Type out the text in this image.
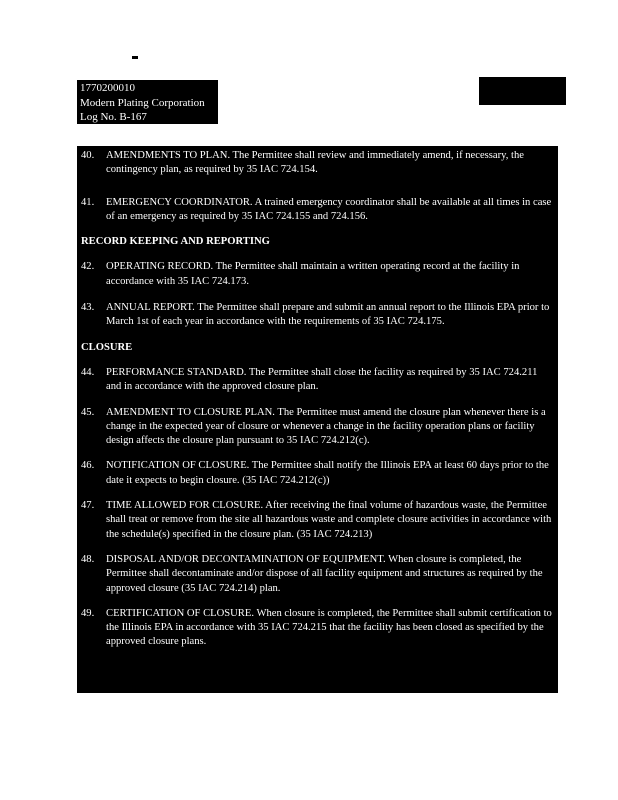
1770200010
Modern Plating Corporation
Log No. B-167

40. AMENDMENTS TO PLAN. The Permittee shall review and immediately amend, if necessary, the contingency plan, as required by 35 IAC 724.154.

41. EMERGENCY COORDINATOR. A trained emergency coordinator shall be available at all times in case of an emergency as required by 35 IAC 724.155 and 724.156.

RECORD KEEPING AND REPORTING

42. OPERATING RECORD. The Permittee shall maintain a written operating record at the facility in accordance with 35 IAC 724.173.

43. ANNUAL REPORT. The Permittee shall prepare and submit an annual report to the Illinois EPA prior to March 1st of each year in accordance with the requirements of 35 IAC 724.175.

CLOSURE

44. PERFORMANCE STANDARD. The Permittee shall close the facility as required by 35 IAC 724.211 and in accordance with the approved closure plan.

45. AMENDMENT TO CLOSURE PLAN. The Permittee must amend the closure plan whenever there is a change in the expected year of closure or whenever a change in the facility operation plans or facility design affects the closure plan pursuant to 35 IAC 724.212(c).

46. NOTIFICATION OF CLOSURE. The Permittee shall notify the Illinois EPA at least 60 days prior to the date it expects to begin closure. (35 IAC 724.212(c))

47. TIME ALLOWED FOR CLOSURE. After receiving the final volume of hazardous waste, the Permittee shall treat or remove from the site all hazardous waste and complete closure activities in accordance with the schedule(s) specified in the closure plan. (35 IAC 724.213)

48. DISPOSAL AND/OR DECONTAMINATION OF EQUIPMENT. When closure is completed, the Permittee shall decontaminate and/or dispose of all facility equipment and structures as required by the approved closure (35 IAC 724.214) plan.

49. CERTIFICATION OF CLOSURE. When closure is completed, the Permittee shall submit certification to the Illinois EPA in accordance with 35 IAC 724.215 that the facility has been closed as specified by the approved closure plans.
